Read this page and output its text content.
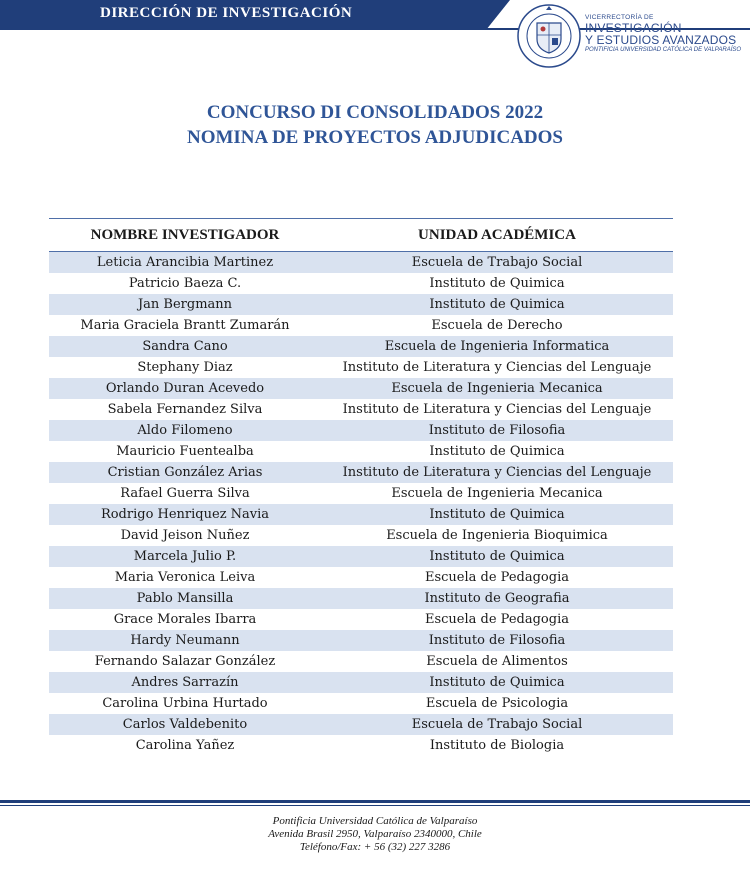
DIRECCIÓN DE INVESTIGACIÓN	VICERRECTORÍA DE
INVESTIGACIÓN
Y ESTUDIOS AVANZADOS
PONTIFICIA UNIVERSIDAD CATÓLICA DE VALPARAÍSO
CONCURSO DI CONSOLIDADOS 2022
NOMINA DE PROYECTOS ADJUDICADOS
NOMBRE INVESTIGADOR	UNIDAD ACADÉMICA
Leticia Arancibia Martinez	Escuela de Trabajo Social
Patricio Baeza C.	Instituto de Quimica
Jan Bergmann	Instituto de Quimica
Maria Graciela Brantt Zumarán	Escuela de Derecho
Sandra Cano	Escuela de Ingenieria Informatica
Stephany Diaz	Instituto de Literatura y Ciencias del Lenguaje
Orlando Duran Acevedo	Escuela de Ingenieria Mecanica
Sabela Fernandez Silva	Instituto de Literatura y Ciencias del Lenguaje
Aldo Filomeno	Instituto de Filosofia
Mauricio Fuentealba	Instituto de Quimica
Cristian González Arias	Instituto de Literatura y Ciencias del Lenguaje
Rafael Guerra Silva	Escuela de Ingenieria Mecanica
Rodrigo Henriquez Navia	Instituto de Quimica
David Jeison Nuñez	Escuela de Ingenieria Bioquimica
Marcela Julio P.	Instituto de Quimica
Maria Veronica Leiva	Escuela de Pedagogia
Pablo Mansilla	Instituto de Geografia
Grace Morales Ibarra	Escuela de Pedagogia
Hardy Neumann	Instituto de Filosofia
Fernando Salazar González	Escuela de Alimentos
Andres Sarrazín	Instituto de Quimica
Carolina Urbina Hurtado	Escuela de Psicologia
Carlos Valdebenito	Escuela de Trabajo Social
Carolina Yañez	Instituto de Biologia
Pontificia Universidad Católica de Valparaíso
Avenida Brasil 2950, Valparaíso 2340000, Chile
Teléfono/Fax: + 56 (32) 227 3286
